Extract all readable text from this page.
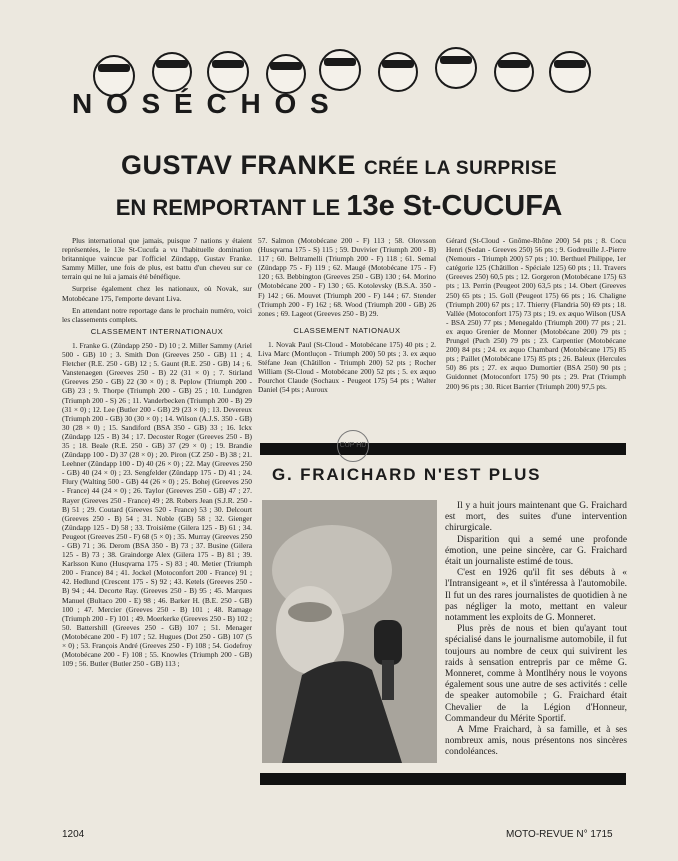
N O S É C H O S
GUSTAV FRANKE CRÉE LA SURPRISE
EN REMPORTANT LE 13e St-CUCUFA

Plus international que jamais, puisque 7 nations y étaient représentées, le 13e St-Cucufa a vu l'habituelle domination britannique vaincue par l'officiel Zündapp, Gustav Franke. Sammy Miller, une fois de plus, est battu d'un cheveu sur ce terrain qui ne lui a jamais été bénéfique.

Surprise également chez les nationaux, où Novak, sur Motobécane 175, l'emporte devant Liva.

En attendant notre reportage dans le prochain numéro, voici les classements complets.

CLASSEMENT INTERNATIONAUX

1. Franke G. (Zündapp 250 - D) 10 ; 2. Miller Sammy (Ariel 500 - GB) 10 ; 3. Smith Don (Greeves 250 - GB) 11 ; 4. Fletcher (R.E. 250 - GB) 12 ; 5. Gaunt (R.E. 250 - GB) 14 ; 6. Vanstenaegen (Greeves 250 - B) 22 (31 × 0) ; 7. Stirland (Greeves 250 - GB) 22 (30 × 0) ; 8. Peplow (Triumph 200 - GB) 23 ; 9. Thorpe (Triumph 200 - GB) 25 ; 10. Lundgren (Triumph 200 - S) 26 ; 11. Vanderbecken (Triumph 200 - B) 29 (31 × 0) ; 12. Lee (Butler 200 - GB) 29 (23 × 0) ; 13. Devereux (Triumph 200 - GB) 30 (30 × 0) ; 14. Wilson (A.J.S. 350 - GB) 30 (28 × 0) ; 15. Sandiford (BSA 350 - GB) 33 ; 16. Ickx (Zündapp 125 - B) 34 ; 17. Decoster Roger (Greeves 250 - B) 35 ; 18. Beale (R.E. 250 - GB) 37 (29 × 0) ; 19. Brandie (Zündapp 100 - D) 37 (28 × 0) ; 20. Piron (CZ 250 - B) 38 ; 21. Leehner (Zündapp 100 - D) 40 (26 × 0) ; 22. May (Greeves 250 - GB) 40 (24 × 0) ; 23. Sengfelder (Zündapp 175 - D) 41 ; 24. Flury (Walting 500 - GB) 44 (26 × 0) ; 25. Bohej (Greeves 250 - France) 44 (24 × 0) ; 26. Taylor (Greeves 250 - GB) 47 ; 27. Rayer (Greeves 250 - France) 49 ; 28. Robers Jean (S.J.R. 250 - B) 51 ; 29. Coutard (Greeves 520 - France) 53 ; 30. Delcourt (Greeves 250 - B) 54 ; 31. Noble (GB) 58 ; 32. Gienger (Zündapp 125 - D) 58 ; 33. Troisième (Gilera 125 - B) 61 ; 34. Peugeot (Greeves 250 - F) 68 (5 × 0) ; 35. Murray (Greeves 250 - GB) 71 ; 36. Derom (BSA 350 - B) 73 ; 37. Busine (Gilera 125 - B) 73 ; 38. Graindorge Alex (Gilera 175 - B) 81 ; 39. Karlsson Kuno (Husqvarna 175 - S) 83 ; 40. Metier (Triumph 200 - France) 84 ; 41. Jockel (Motoconfort 200 - France) 91 ; 42. Hedlund (Crescent 175 - S) 92 ; 43. Ketels (Greeves 250 - B) 94 ; 44. Decorte Ray. (Greeves 250 - B) 95 ; 45. Marques Manuel (Bultaco 200 - E) 98 ; 46. Barker H. (B.E. 250 - GB) 100 ; 47. Mercier (Greeves 250 - B) 101 ; 48. Ramage (Triumph 200 - F) 101 ; 49. Moerkerke (Greeves 250 - B) 102 ; 50. Battershill (Greeves 250 - GB) 107 ; 51. Menager (Motobécane 200 - F) 107 ; 52. Hugues (Dot 250 - GB) 107 (5 × 0) ; 53. François André (Greeves 250 - F) 108 ; 54. Godefroy (Motobécane 200 - F) 108 ; 55. Knowles (Triumph 200 - GB) 109 ; 56. Butler (Butler 250 - GB) 113 ;

57. Salmon (Motobécane 200 - F) 113 ; 58. Olovsson (Husqvarna 175 - S) 115 ; 59. Duvivier (Triumph 200 - B) 117 ; 60. Beltramelli (Triumph 200 - F) 118 ; 61. Semal (Zündapp 75 - F) 119 ; 62. Maugé (Motobécane 175 - F) 120 ; 63. Bebbington (Greeves 250 - GB) 130 ; 64. Morino (Motobécane 200 - F) 130 ; 65. Kotolevsky (B.S.A. 350 - F) 142 ; 66. Mouvet (Triumph 200 - F) 144 ; 67. Stender (Triumph 200 - F) 162 ; 68. Wood (Triumph 200 - GB) 26 zones ; 69. Lageot (Greeves 250 - B) 29.

CLASSEMENT NATIONAUX

1. Novak Paul (St-Cloud - Motobécane 175) 40 pts ; 2. Liva Marc (Montluçon - Triumph 200) 50 pts ; 3. ex æquo Stéfane Jean (Châtillon - Triumph 200) 52 pts ; Rocher William (St-Cloud - Motobécane 200) 52 pts ; 5. ex æquo Pourchot Claude (Sochaux - Peugeot 175) 54 pts ; Walter Daniel (54 pts ; Auroux

Gérard (St-Cloud - Gnôme-Rhône 200) 54 pts ; 8. Cocu Henri (Sedan - Greeves 250) 56 pts ; 9. Godreuille J.-Pierre (Nemours - Triumph 200) 57 pts ; 10. Berthuel Philippe, 1er catégorie 125 (Châtillon - Spéciale 125) 60 pts ; 11. Travers (Greeves 250) 60,5 pts ; 12. Gorgeron (Motobécane 175) 63 pts ; 13. Perrin (Peugeot 200) 63,5 pts ; 14. Obert (Greeves 250) 65 pts ; 15. Goll (Peugeot 175) 66 pts ; 16. Chaligne (Triumph 200) 67 pts ; 17. Thierry (Flandria 50) 69 pts ; 18. Vallée (Motoconfort 175) 73 pts ; 19. ex æquo Wilson (USA - BSA 250) 77 pts ; Menegaldo (Triumph 200) 77 pts ; 21. ex æquo Grenier de Monner (Motobécane 200) 79 pts ; Prungel (Puch 250) 79 pts ; 23. Carpentier (Motobécane 200) 84 pts ; 24. ex æquo Chambard (Motobécane 175) 85 pts ; Paillet (Motobécane 175) 85 pts ; 26. Baleux (Hercules 50) 86 pts ; 27. ex æquo Dumortier (BSA 250) 90 pts ; Guidonnet (Motoconfort 175) 90 pts ; 29. Prat (Triumph 200) 96 pts ; 30. Ricet Barrier (Triumph 200) 97,5 pts.

CUP HD
G. FRAICHARD N'EST PLUS

Il y a huit jours maintenant que G. Fraichard est mort, des suites d'une intervention chirurgicale.

Disparition qui a semé une profonde émotion, une peine sincère, car G. Fraichard était un journaliste estimé de tous.

C'est en 1926 qu'il fit ses débuts à « l'Intransigeant », et il s'intéressa à l'automobile. Il fut un des rares journalistes de quotidien à ne pas négliger la moto, mettant en valeur notamment les exploits de G. Monneret.

Plus près de nous et bien qu'ayant tout spécialisé dans le journalisme automobile, il fut toujours au nombre de ceux qui suivirent les raids à sensation entrepris par ce même G. Monneret, comme à Montlhéry nous le voyons également sous une autre de ses activités : celle de speaker automobile ; G. Fraichard était Chevalier de la Légion d'Honneur, Commandeur du Mérite Sportif.

A Mme Fraichard, à sa famille, et à ses nombreux amis, nous présentons nos sincères condoléances.

1204	MOTO-REVUE N° 1715
